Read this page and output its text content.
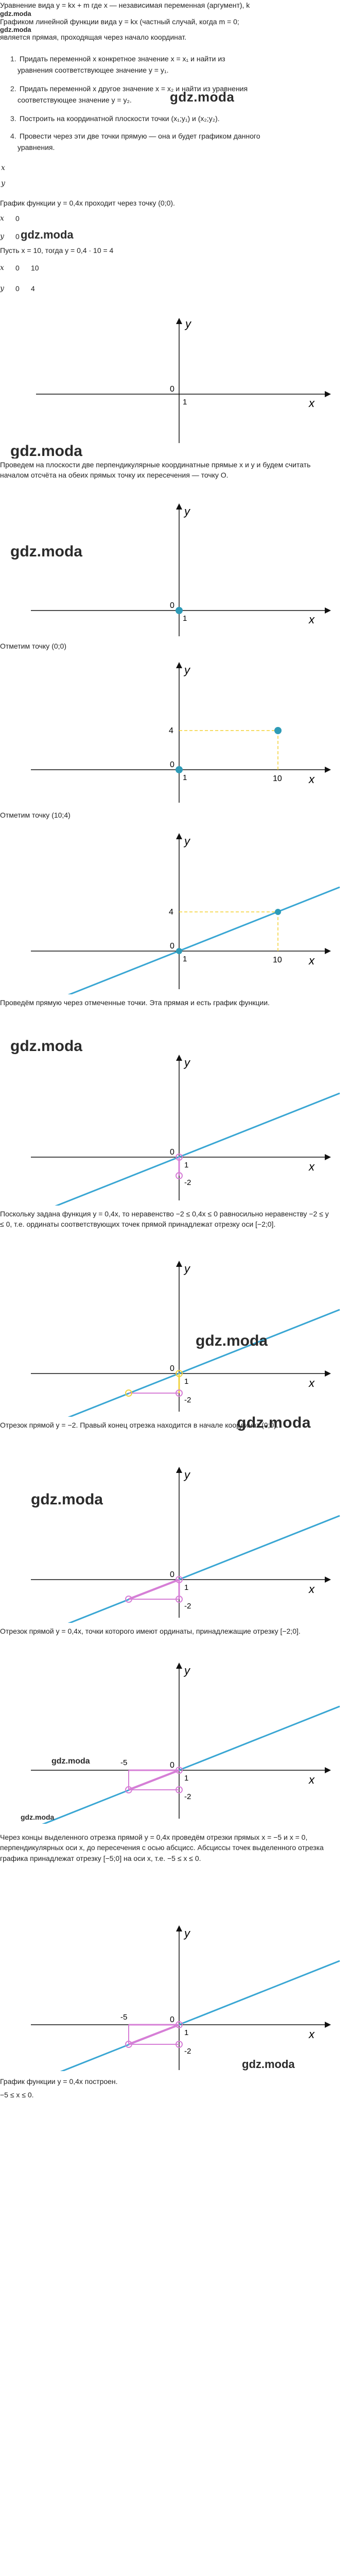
Уравнение вида y = kx + m где x — независимая переменная (аргумент), k
gdz.moda
Графиком линейной функции вида y = kx (частный случай, когда m = 0;
gdz.moda
является прямая, проходящая через начало координат.
1. Придать переменной x конкретное значение x = x₁ и найти из
уравнения соответствующее значение y = y₁.
2. Придать переменной x другое значение x = x₂ и найти из уравнения
соответствующее значение y = y₂.	gdz.moda
3. Построить на координатной плоскости точки (x₁;y₁) и (x₂;y₂).
4. Провести через эти две точки прямую — она и будет графиком данного
уравнения.
x
y
График функции y = 0,4x проходит через точку (0;0).
x	0
y	0 gdz.moda
Пусть x = 10, тогда y = 0,4 · 10 = 4
x	0	10
y	0	4
x
y
0
1
gdz.moda
Проведем на плоскости две перпендикулярные координатные прямые x и y и будем считать началом отсчёта на обеих прямых точку их пересечения — точку O.
x
y
0
1
gdz.moda
Отметим точку (0;0)
x
y
0
1
4
10
Отметим точку (10;4)
x
y
0
1
4
10
Проведём прямую через отмеченные точки. Эта прямая и есть график функции.
x
y
0
1
-2
gdz.moda
Поскольку задана функция y = 0,4x, то неравенство −2 ≤ 0,4x ≤ 0 равносильно неравенству −2 ≤ y ≤ 0, т.е. ординаты соответствующих точек прямой принадлежат отрезку оси [−2;0].
x
y
0
1
-2
gdz.moda
Отрезок прямой y = −2. Правый конец отрезка находится в начале координат (0;0).
gdz.moda
x
y
0
1
-2
gdz.moda
Отрезок прямой y = 0,4x, точки которого имеют ординаты, принадлежащие отрезку [−2;0].
x
y
0
1
-2
-5
gdz.moda
gdz.moda
Через концы выделенного отрезка прямой y = 0,4x проведём отрезки прямых x = −5 и x = 0, перпендикулярных оси x, до пересечения с осью абсцисс. Абсциссы точек выделенного отрезка графика принадлежат отрезку [−5;0] на оси x, т.е. −5 ≤ x ≤ 0.
x
y
0
1
-2
-5
gdz.moda
График функции y = 0,4x построен.
−5 ≤ x ≤ 0.
